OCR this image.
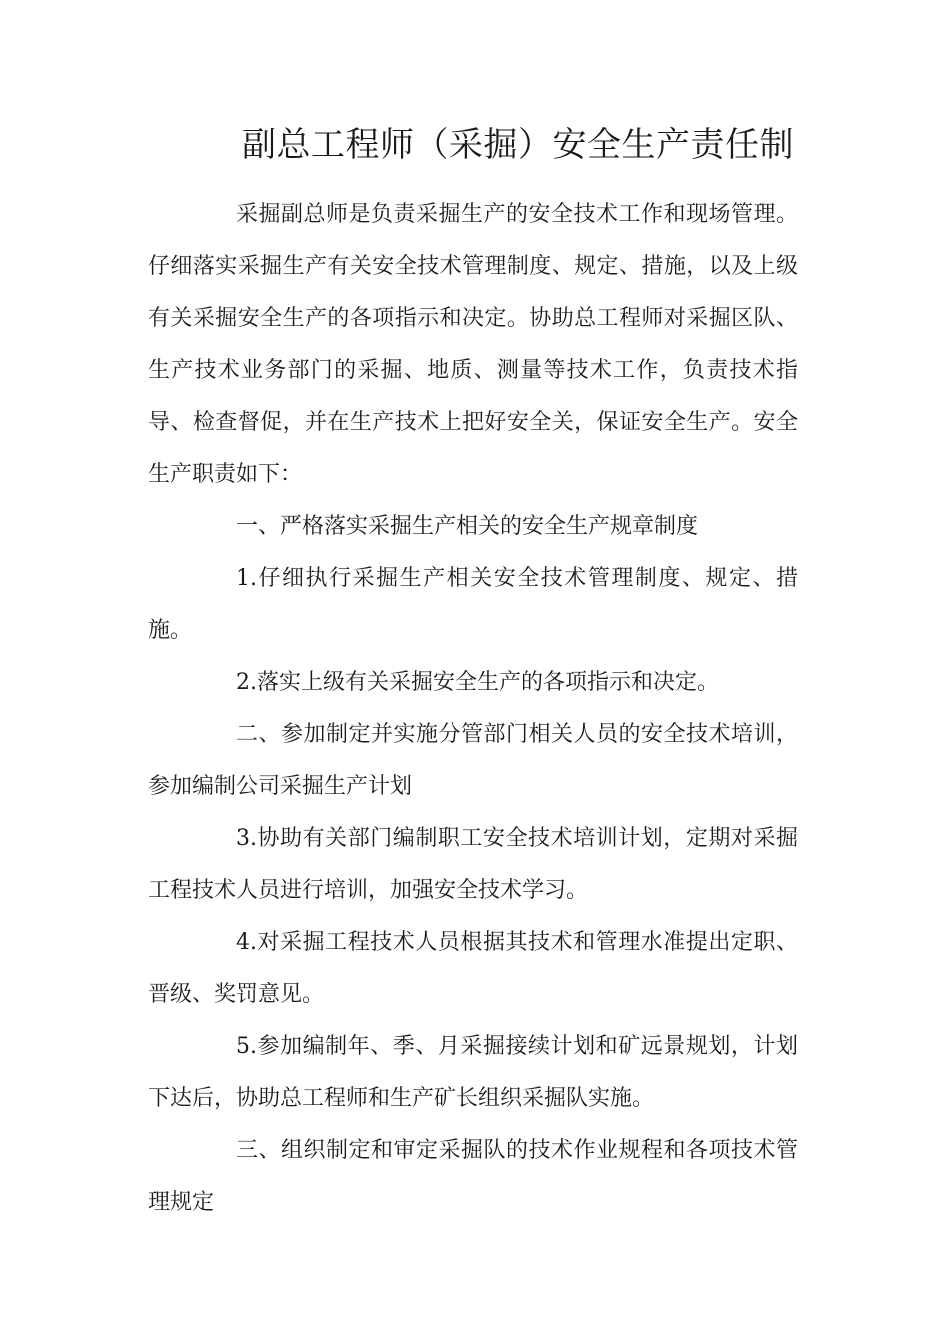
副总工程师（采掘）安全生产责任制

采掘副总师是负责采掘生产的安全技术工作和现场管理。仔细落实采掘生产有关安全技术管理制度、规定、措施，以及上级有关采掘安全生产的各项指示和决定。协助总工程师对采掘区队、生产技术业务部门的采掘、地质、测量等技术工作，负责技术指导、检查督促，并在生产技术上把好安全关，保证安全生产。安全生产职责如下：

一、严格落实采掘生产相关的安全生产规章制度

1.仔细执行采掘生产相关安全技术管理制度、规定、措施。

2.落实上级有关采掘安全生产的各项指示和决定。

二、参加制定并实施分管部门相关人员的安全技术培训，参加编制公司采掘生产计划

3.协助有关部门编制职工安全技术培训计划，定期对采掘工程技术人员进行培训，加强安全技术学习。

4.对采掘工程技术人员根据其技术和管理水准提出定职、晋级、奖罚意见。

5.参加编制年、季、月采掘接续计划和矿远景规划，计划下达后，协助总工程师和生产矿长组织采掘队实施。

三、组织制定和审定采掘队的技术作业规程和各项技术管理规定
